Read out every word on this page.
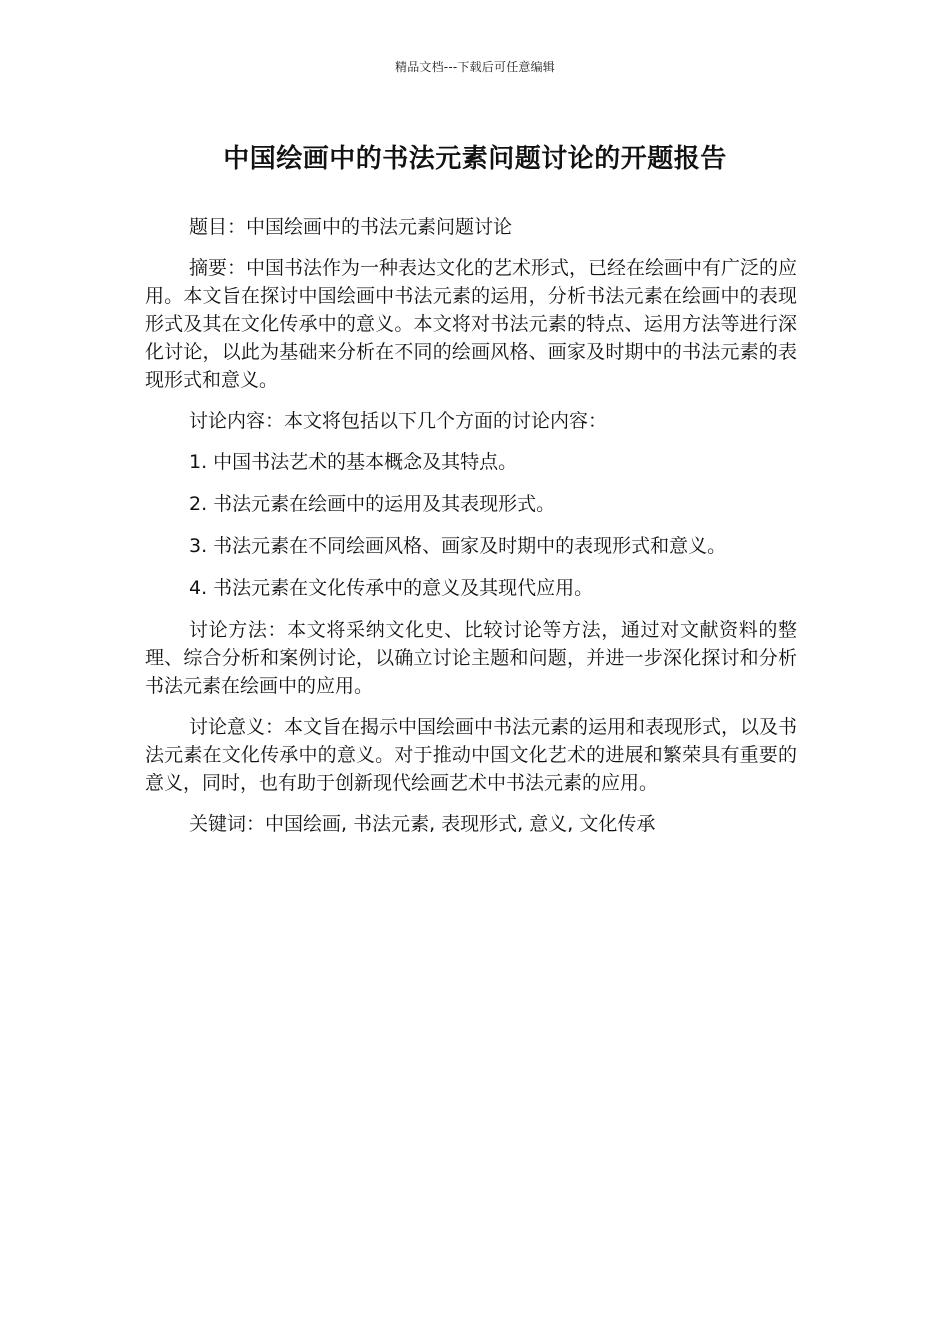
精品文档---下载后可任意编辑
中国绘画中的书法元素问题讨论的开题报告

题目：中国绘画中的书法元素问题讨论

摘要：中国书法作为一种表达文化的艺术形式，已经在绘画中有广泛的应用。本文旨在探讨中国绘画中书法元素的运用，分析书法元素在绘画中的表现形式及其在文化传承中的意义。本文将对书法元素的特点、运用方法等进行深化讨论，以此为基础来分析在不同的绘画风格、画家及时期中的书法元素的表现形式和意义。

讨论内容：本文将包括以下几个方面的讨论内容：

1. 中国书法艺术的基本概念及其特点。

2. 书法元素在绘画中的运用及其表现形式。

3. 书法元素在不同绘画风格、画家及时期中的表现形式和意义。

4. 书法元素在文化传承中的意义及其现代应用。

讨论方法：本文将采纳文化史、比较讨论等方法，通过对文献资料的整理、综合分析和案例讨论，以确立讨论主题和问题，并进一步深化探讨和分析书法元素在绘画中的应用。

讨论意义：本文旨在揭示中国绘画中书法元素的运用和表现形式，以及书法元素在文化传承中的意义。对于推动中国文化艺术的进展和繁荣具有重要的意义，同时，也有助于创新现代绘画艺术中书法元素的应用。

关键词：中国绘画, 书法元素, 表现形式, 意义, 文化传承
